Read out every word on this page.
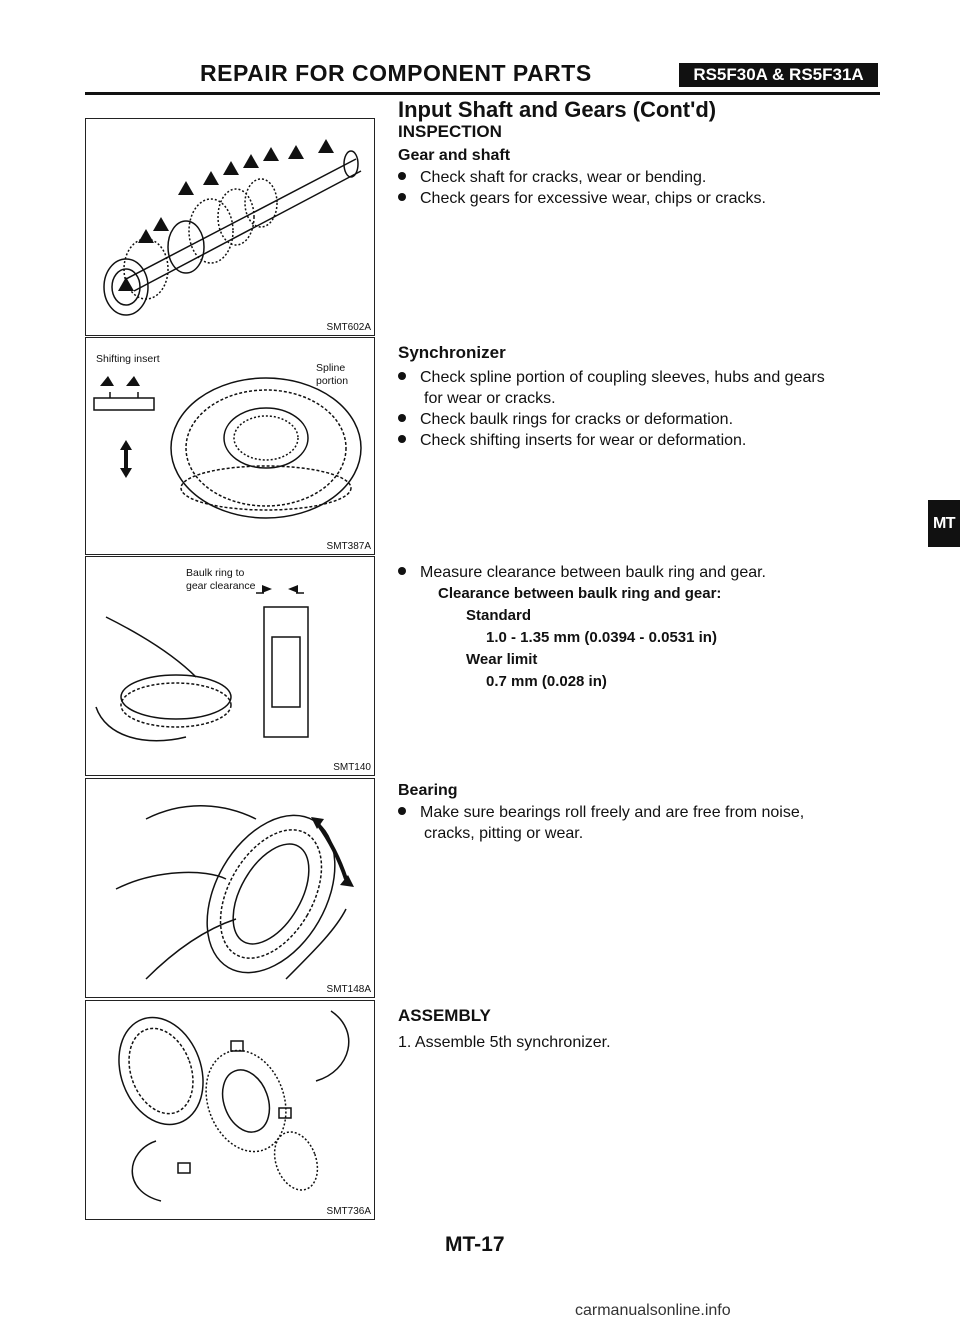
REPAIR FOR COMPONENT PARTS	RS5F30A & RS5F31A
Input Shaft and Gears (Cont'd)
INSPECTION
Gear and shaft
Check shaft for cracks, wear or bending.
Check gears for excessive wear, chips or cracks.
Synchronizer
Check spline portion of coupling sleeves, hubs and gears
for wear or cracks.
Check baulk rings for cracks or deformation.
Check shifting inserts for wear or deformation.
Measure clearance between baulk ring and gear.
Clearance between baulk ring and gear:
Standard
1.0 - 1.35 mm (0.0394 - 0.0531 in)
Wear limit
0.7 mm (0.028 in)
Bearing
Make sure bearings roll freely and are free from noise,
cracks, pitting or wear.
ASSEMBLY
1. Assemble 5th synchronizer.
SMT602A
Shifting insert
Spline
portion
SMT387A
Baulk ring to
gear clearance
SMT140
SMT148A
SMT736A
MT
MT-17
carmanualsonline.info
